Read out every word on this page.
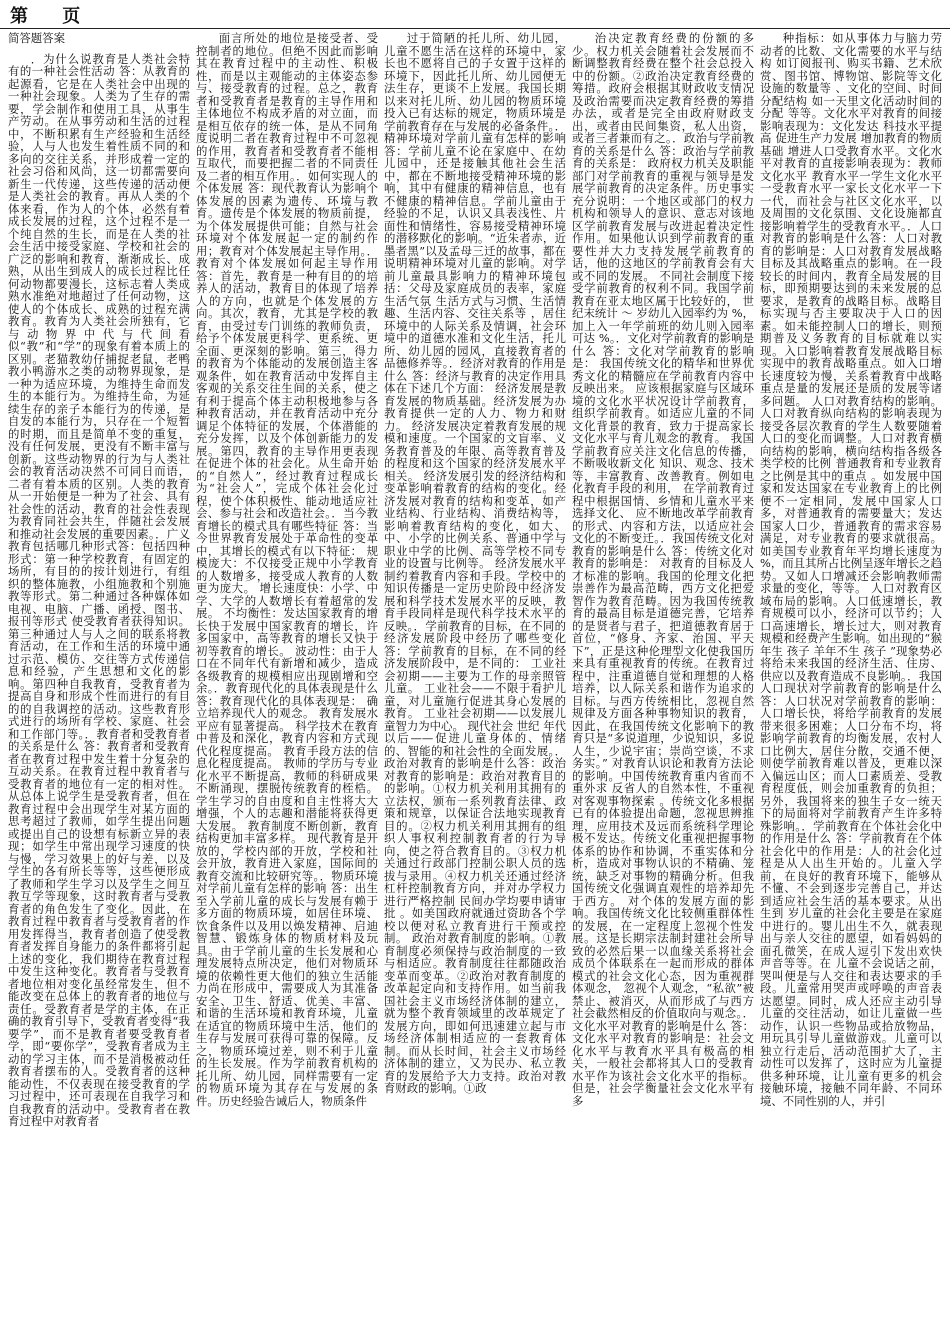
第 页
简答题答案

．为什么说教育是人类社会特有的一种社会性活动 答：从教育的起源看，它是在人类社会中出现的一种社会现象。人类为了生存的需要，学会制作和使用工具，从事生产劳动。在从事劳动和生活的过程中，不断积累有生产经验和生活经验，人与人也发生着性质不同的和多向的交往关系，并形成着一定的社会习俗和风尚，这一切都需要向新生一代传递，这些传递的活动便是人类社会的教育。再从人类的个体来看，作为人的个体，必然有着成长发展的过程，这个过程不是一个纯自然的生长，而是在人类的社会生活中接受家庭、学校和社会的广泛的影响和教育，渐渐成长、成熟，从出生到成人的成长过程比任何动物都要漫长，这标志着人类成熟水准绝对地超过了任何动物，这使人的个体成长、成熟的过程充满教育。教育为人类社会所独有，它与动物界中代与代间看似“教”和“学”的现象有着本质上的区别。老猫教幼仔捕捉老鼠，老鸭教小鸭游水之类的动物界现象，是一种为适应环境，为维持生命而发生的本能行为。为维持生命，为延续生存的亲子本能行为的传递，是自发的本能行为，只存在一个短暂的时期，而且是简单不变的重复，没有任何发展，更没有不断丰富与创新。这些动物界的行为与人类社会的教育活动决然不可同日而语，二者有着本质的区别。人类的教育从一开始便是一种为了社会、具有社会性的活动，教育的社会性表现为教育同社会共生，伴随社会发展和推动社会发展的重要因素。．广义教育包括哪几种形式答：包括四种形式：第一种学校教育，有固定的场所，有目的的按计划进行，有组织的整体施教，小组施教和个别施教等形式。第二种通过各种媒体如电视、电脑、广播、函授、图书、报刊等形式 使受教育者获得知识。第三种通过人与人之间的联系将教育活动，在工作和生活的环境中通过示范、模仿、交往等方式传递信息和经验，产生思想和文化的影响。第四种自我教育，受教育者为提高自身和形成个性而进行的有目的的自我调控的活动。这些教育形式进行的场所有学校、家庭、社会和工作部门等。．教育者和受教育者的关系是什么 答：教育者和受教育者在教育过程中发生着十分复杂的互动关系。在教育过程中教育者与受教育者的地位有一定的相对性。从总体上说学生是受教育者，但在教育过程中会出现学生对某方面的思考超过了教师，如学生提出问题或提出自己的设想有标新立异的表现；如学生中常出现学习速度的快与慢，学习效果上的好与差，以及学生的各有所长等等，这些便形成了教师和学生学习以及学生之间互教互学等现象，这时教育者与受教育者的角色发生了变化。因此，在教育过程中教育者与受教育者的作用发挥得当，教育者创造了使受教育者发挥自身能力的条件都将引起上述的变化，我们期待在教育过程中发生这种变化。教育者与受教育者地位相对变化虽经常发生，但不能改变在总体上的教育者的地位与责任。受教育者是学的主体，在正确的教育引导下，受教育者变得“我要学”，而不是教育者要受教育者学，即“要你学”，受教育者成为主动的学习主体，而不是消极被动任教育者摆布的人。受教育者的这种能动性，不仅表现在接受教育的学习过程中，还可表现在自我学习和自我教育的活动中。受教育者在教育过程中对教育者

面言所处的地位是接受者、受控制者的地位。但绝不因此而影响其在教育过程中的主动性、积极性，而是以主观能动的主体姿态参与、接受教育的过程。总之，教育者和受教育者是教育的主导作用和主体地位不构成矛盾的对立面，而是相互依存的统一体，是从不同角度说明二者在教育过程中不可忽视的作用，教育者和受教育者不能相互取代，而要把握二者的不同责任及二者的相互作用。．如何实现人的个体发展 答：现代教育认为影响个体发展的因素为遗传、环境与教育。遗传是个体发展的物质前提，为个体发展提供可能；自然与社会环境对个体发展起一定的制约作用；教育对个体发展起主导作用。．教育对个体发展如何起主导作用 答：首先，教育是一种有目的的培养人的活动，教育目的体现了培养人的方向，也就是个体发展的方向。其次，教育，尤其是学校的教育，由受过专门训练的教师负责，给予个体发展更科学、更系统、更全面、更深刻的影响。第三，得力的教育为个体能动的发展创造主客观条件，如在教育活动中发挥自主客观的关系交往生间的关系，使之有利于提高个体主动积极地参与各种教育活动，并在教育活动中充分调足个体特征的发展，个体潜能的充分发挥，以及个体创新能力的发展。第四，教育的主导作用更表现在促进个体的社会化。从生命开始的“自然人”，经过教育过程成长为“社会人”，完成个体社会化过程，使个体积极性、能动地适应社会、参与社会和改造社会。．当今教育增长的模式具有哪些特征 答：当今世界教育发展处于革命性的变革中，其增长的模式有以下特征： 规模庞大：不仅接受正规中小学教育的人数增多，接受成人教育的人数更为庞大。 增长速度快：小学、中学、大学的人数增长有着超常的发展。 不均衡性：发达国家教育的增长快于发展中国家教育的增长，许多国家中，高等教育的增长又快于初等教育的增长。 波动性：由于人口在不同年代有新增和减少，造成各级教育的规模相应出现剧增和空余。．教育现代化的具体表现是什么 答：教育现代化的具体表现是： 确立培养现代人的观念。 教育发展水平应有显著提高。 科学技术在教育中普及和深化，教育内容和方式现代化程度提高。 教育手段方法的信息化程度提高。 教师的学历与专业化水平不断提高，教师的科研成果不断涌现，摆脱传统教育的桎梏。 学生学习的自由度和自主性将大大增强，个人的志趣和潜能将获得更大发展。 教育制度不断创新，教育结构更加丰富多样。 现代教育是开放的，学校内部的开放，学校和社会开放，教育进入家庭，国际间的教育交流和比较研究等。．物质环境对学前儿童有怎样的影响 答：出生至入学前儿童的成长与发展有赖于多方面的物质环境，如居住环境、饮食条件以及用以焕发精神、启迪智慧、锻炼身体的物质材料及玩具。由于学前儿童的生长发展和心理发展特点所决定，他们对物质环境的依赖性更大他们的独立生活能力尚在形成中，需要成人为其准备安全、卫生、舒适、优美、丰富、和谐的生活环境和教育环境，儿童在适宜的物质环境中生活，他们的生存与发展可获得可靠的保障。反之，物质环境过差，则不利于儿童的生长发展。作为学前教育机构的托儿所、幼儿园，同样需要有一定的物质环境为其存在与发展的条件。历史经验告诫后人，物质条件

过于简陋的托儿所、幼儿园，儿童不愿生活在这样的环境中，家长也不愿将自己的子女置于这样的环境下，因此托儿所、幼儿园便无法生存，更谈不上发展。我国长期以来对托儿所、幼儿园的物质环境投入已有达标的规定，物质环境是学前教育存在与发展的必备条件。．精神环境对学前儿童有怎样的影响 答：学前儿童不论在家庭中、在幼儿园中，还是接触其他社会生活中，都在不断地接受精神环境的影响，其中有健康的精神信息，也有不健康的精神信息。学前儿童由于经验的不足，认识又具表浅性、片面性和情绪性，容易接受精神环境的潜移默化的影响。“近朱者赤，近墨者黑”以及孟母三迁的故事，都在说明精神环境对儿童的影响。对学前儿童最具影响力的精神环境包括：父母及家庭成员的表率，家庭生活气氛 生活方式与习惯、生活情趣、生活内容、交往关系等 ，居住环境中的人际关系及情调，社会环境中的道德水准和文化生活，托儿所、幼儿园的园风，直接教育者的品德修养等。．经济对教育的作用是什么 答：经济与教育的决定作用具体在下述几个方面： 经济发展是教育发展的物质基础。经济发展为办教育提供一定的人力、物力和财力。 经济发展决定着教育发展的规模和速度。一个国家的文盲率、义务教育普及的年限、高等教育普及的程度和这个国家的经济发展水平相关。 经济发展引发的经济结构和变革影响着教育的结构的变化。经济发展对教育的结构和变革，如产业结构、行业结构、消费结构等，影响着教育结构的变化，如大、中、小学的比例关系、普通中学与职业中学的比例、高等学校不同专业的设置与比例等。 经济发展水平制约着教育内容和手段。学校中的知识传播是一定历史阶段中经济发展和科学技术发展水平的反映，教育手段同样是现代科学技术水平的反映。．学前教育的目标，在不同的经济发展阶段中经历了哪些变化 答：学前教育的目标，在不同的经济发展阶段中，是不同的： 工业社会初期——主要为工作的母亲照管儿童。 工业社会——不限于看护儿童，对儿童施行促进其身心发展的教育。 工业社会初期——以发展儿童智力为中心。 现代社会 世纪 年代以后——促进儿童身体的、情绪的、智能的和社会性的全面发展。．政治对教育的影响是什么答：政治对教育的影响是：政治对教育目的的影响。①权力机关利用其拥有的立法权，颁布一系列教育法律、政策和规章，以保证合法地实现教育目的。②权力机关利用其拥有的组织人事权利控制教育者的行为导向，使之符合教育目的。③权力机关通过行政部门控制公职人员的选拔与录用。④权力机关还通过经济杠杆控制教育方向，并对办学权力进行严格控制 民间办学均要申请审批 。如美国政府就通过资助各个学校以便对私立教育进行干预或控制。 政治对教育制度的影响。①教育制度必须保持与政治制度的一致与相适应。教育制度往往都随政治变革而变革。②政治对教育制度的改革起定向和支持作用。如当前我国社会主义市场经济体制的建立，就为整个教育领域里的改革规定了发展方向，即如何迅速建立起与市场经济体制相适应的一套教育体制。而从长时间，社会主义市场经济体制的建立，又为民办、私立教育的发展给予大力支持。政治对教育财政的影响。①政

治决定教育经费的份额的多少。权力机关会随着社会发展而不断调整教育经费在整个社会总投入中的份额。②政治决定教育经费的筹措。政府会根据其财政收支情况及政治需要而决定教育经费的筹措办法，或者是完全由政府财政支出，或者由民间集资，私人出资，或者三者兼而有之。．政治与学前教育的关系是什么 答：政治与学前教育的关系是： 政府权力机关及职能部门对学前教育的重视与领导是发展学前教育的决定条件。历史事实充分说明：一个地区或部门的权力机构和领导人的意识、意志对该地区学前教育发展与改进起着决定性作用。如果他认识到学前教育的重要性并大力支持发展学前教育的话，他的这地区的学前教育会有大或不同的发展。 不同社会制度下接受学前教育的权利不同。我国学前教育在亚太地区属于比较好的， 世纪末统计 ～ 岁幼儿入园率约为 %，加上入一年学前班的幼儿则入园率可达 %。．文化对学前教育的影响是什么 答：文化对学前教育的影响是： 我国传统文化的精华和世界优秀文化的精髓应在学前教育内容中反映出来。 应该根据家庭与区域环境的文化水平状况设计学前教育，组织学前教育。如适应儿童的不同文化背景的教育，致力于提高家长文化水平与育儿观念的教育。 我国学前教育应关注文化信息的传播，不断吸收新文化 知识、观念、技术等，丰富教育、改善教育。例如电化教育手段的利用， 在学前教育过程中根据国情、乡情和儿童水平来选择文化、 应不断地改革学前教育的形式、内容和方法，以适应社会文化的不断变迁。．我国传统文化对教育的影响是什么 答：传统文化对教育的影响是： 对教育的目标及人才标准的影响。我国的伦理文化把崇善作为最高范畴，西方文化把爱智作为教育范畴。因为我国传统教育的最高目标是道德完善，它培养的是贤者与君子，把道德教育居于首位，“修身、齐家、治国、平天下”，正是这种伦理型文化使我国历来具有重视教育的传统。在教育过程中，注重道德自觉和理想的人格培养，以人际关系和谐作为追求的目标。与西方传统相比，忽视自然规律及方面各种事物知识的教育，因此，在我国传统文化影响下的教育只是“多说道理，少说知识，多说人生，少说宇宙；崇尚空谈，不求务实。” 对教育认识论和教育方法论的影响。中国传统教育重内省而不重外求 反省人的自然本性，不重视对客观事物探索 。传统文化多根据已有的体验提出命题，忽视思辨推理，应用技术及远而系统科学理论极不发达。传统文化重视把握事物体系的协作和协调，不重实体和分析，造成对事物认识的不精确、笼统，缺乏对事物的精确分析。但我国传统文化强调直观性的培养却先于西方。 对个体的发展方面的影响。我国传统文化比较侧重群体性的发展，在一定程度上忽视个性发展。这是长期宗法制封建社会所导致的必然后果一以血缘关系将社会成员个体联系在一起而形成的群体模式的社会文化心态，因为重视群体观念， 忽视个人观念，“私欲”被禁止、被消灭，从而形成了与西方社会截然相反的价值取向与观念。．文化水平对教育的影响是什么 答：文化水平对教育的影响是：社会文化水平与教育水平具有极高的相关，一般社会都将其人口的受教育水平作为该社会文化水平的指标。但是，社会学衡量社会文化水平有多

种指标：如从事体力与脑力劳动者的比数、文化需要的水平与结构 如订阅报刊、购买书籍、艺术欣赏、图书馆、博物馆、影院等文化设施的数量等 、文化的空间、时间分配结构 如一天里文化活动时间的分配 等等。文化水平对教育的间接影响表现为：文化发达 科技水平提高 促进生产力发展 增加教育的物质基础 增进人口受教育水平。文化水平对教育的直接影响表现为：教师文化水平 教育水平一学生文化水平一受教育水平一家长文化水平一下一代，而社会与社区文化水平，以及周围的文化氛围、文化设施都直接影响着学生的受教育水平。．人口对教育的影响是什么答：人口对教育的影响是：人口对教育发展战略目标及其战略重点的影响。在一段较长的时间内，教育全局发展的目标，即预期要达到的未来发展的总要求，是教育的战略目标。战略目标实现与否主要取决于人口的因素。如未能控制人口的增长，则预期普及义务教育的目标就难以实现。入口影响着教育发展战略目标实现中的教育战略重点。如入口增长速度较为慢，关系着教育中战略重点是量的发展还是质的发展等诸多问题。 人口对教育结构的影响。人口对教育纵向结构的影响表现为接受各层次教育的学生人数要随着人口的变化而调整。人口对教育横向结构的影响，横向结构指各级各类学校的比例 普通教育和专业教育之比例是其中的重点 。如发展中国家和发达国家在专业教育上的比例便不一定相同，发展中国家人口多，对普通教育的需要量大；发达国家人口少，普通教育的需求容易满足，对专业教育的要求就很高。如美国专业教育年平均增长速度为 %，而且其所占比例呈逐年增长之趋势。又如人口增减还会影响教师需求量的变化，等等。 人口对教育区域布局的影响。人口低速增长，教育规模可以小，经济可以节约；人口高速增长，增长过大，则对教育规模和经费产生影响。如出现的“猴年生 孩子 羊年不生 孩子 ”现象势必将给未来我国的经济生活、住房、供应以及教育造成不良影响。．我国人口现状对学前教育的影响是什么 答：人口状况对学前教育的影响：人口增长快，将给学前教育的发展带来很多困难；人口分布不均，将影响学前教育的均衡发展，农村人口比例大，居住分散，交通不便，则使学前教育难以普及，更难以深入偏远山区；而人口素质差、受教育程度低，则会加重教育的负担；另外，我国将来的独生子女一统天下的局面将对学前教育产生许多特殊影响。．学前教育在个体社会化中的作用是什么 答：学前教育在个体社会化中的作用是：人的社会化过程是从人出生开始的。儿童入学前，在良好的教育环境下，能够从不懂、不会到逐步完善自己，并达到适应社会生活的基本要求。从出生到 岁儿童的社会化主要是在家庭中进行的。婴儿出生不久，就表现出与亲人交往的愿望，如看妈妈的面孔微笑，在成人逗引下发出欢快声音等等。在 儿童不会说话之前，哭叫便是与人交往和表达要求的手段。儿童常用哭声或呼唤的声音表达愿望。同时，成人还应主动引导儿童的交往活动，如让儿童做一些动作，认识一些物品或拾放物品，用玩具引导儿童做游戏。儿童可以独立行走后，活动范围扩大了，主动性可以发挥了，这时应为儿童提供多种环境，让儿童有更多的机会接触环境，接触不同年龄、不同环境、不同性别的人，并引
